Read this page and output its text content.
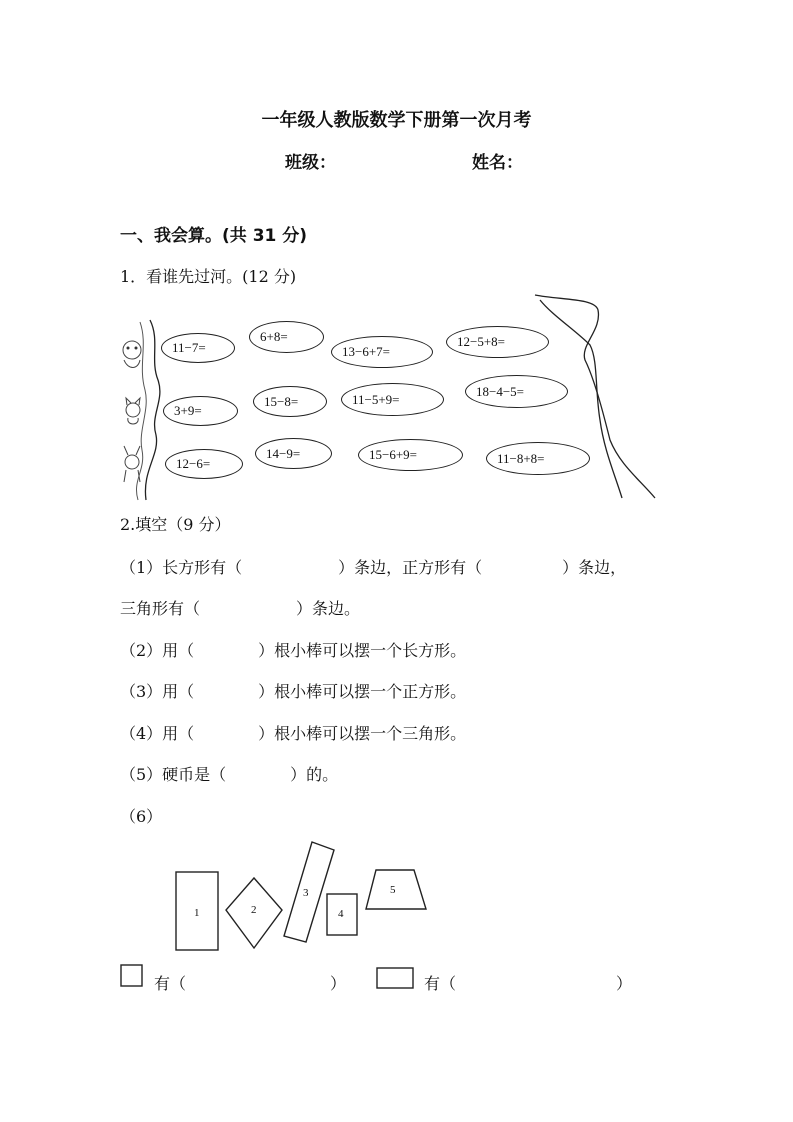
一年级人教版数学下册第一次月考
班级：	姓名：
一、我会算。(共 31 分)
1．看谁先过河。(12 分)
11−7=
6+8=
13−6+7=
12−5+8=
3+9=
15−8=	11−5+9=
18−4−5=
12−6=
14−9=	15−6+9=	11−8+8=
2.填空（9 分）
（1）长方形有（　　　　　　）条边，正方形有（　　　　　）条边，
三角形有（　　　　　　）条边。
（2）用（　　　　）根小棒可以摆一个长方形。
（3）用（　　　　）根小棒可以摆一个正方形。
（4）用（　　　　）根小棒可以摆一个三角形。
（5）硬币是（　　　　）的。
（6）
1	2
3
4
5
有（　　　　　　　　　）	有（　　　　　　　　　　）
